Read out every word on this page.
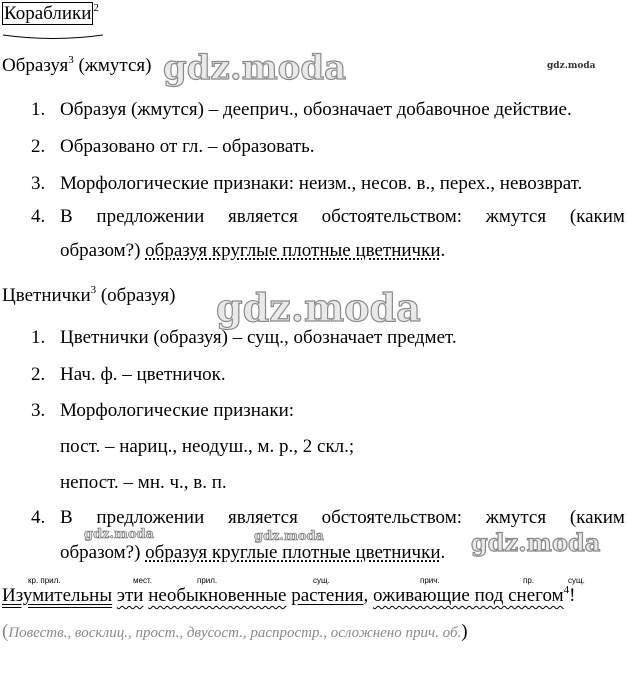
Кораблики $^2$
Образуя$^3$ (жмутся)
1. Образуя (жмутся) – дееприч., обозначает добавочное действие.
2. Образовано от гл. – образовать.
3. Морфологические признаки: неизм., несов. в., перех., невозврат.
4. В предложении является обстоятельством: жмутся (каким
образом?) образуя круглые плотные цветнички.
Цветнички$^3$ (образуя)
1. Цветнички (образуя) – сущ., обозначает предмет.
2. Нач. ф. – цветничок.
3. Морфологические признаки:
пост. – нариц., неодуш., м. р., 2 скл.;
непост. – мн. ч., в. п.
4. В предложении является обстоятельством: жмутся (каким
образом?) образуя круглые плотные цветнички.
кр. прил.	мест.	прил.	сущ.	прич.	пр.	сущ.
Изумительны эти необыкновенные растения, оживающие под снегом$^4$!
(Повеств., восклиц., прост., двусост., распростр., осложнено прич. об.)
gdz.moda	gdz.moda
gdz.moda
gdz.moda	gdz.moda	gdz.moda
